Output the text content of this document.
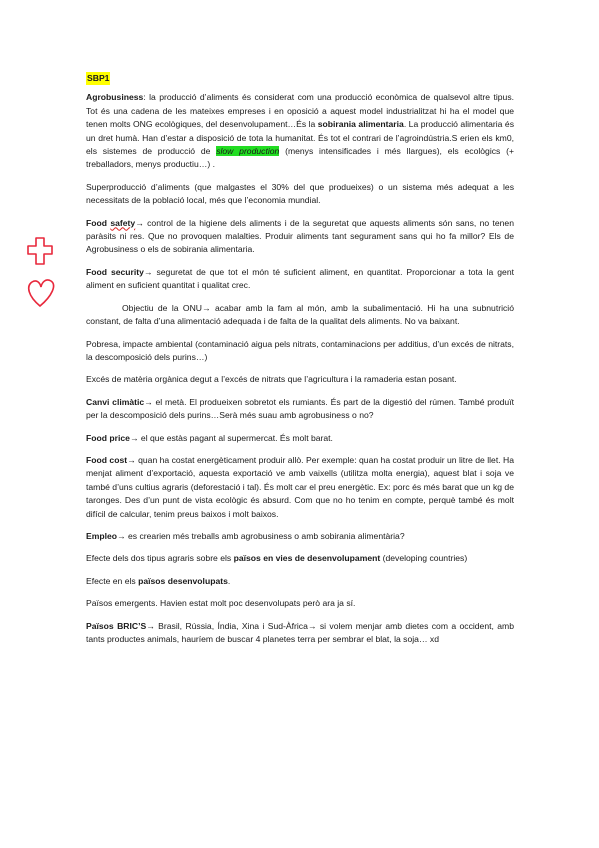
SBP1

Agrobusiness: la producció d’aliments és considerat com una producció econòmica de qualsevol altre tipus. Tot és una cadena de les mateixes empreses i en oposició a aquest model industrialitzat hi ha el model que tenen molts ONG ecològiques, del desenvolupament…És la sobirania alimentaria. La producció alimentaria és un dret humà. Han d’estar a disposició de tota la humanitat. És tot el contrari de l’agroindústria.S erien els km0, els sistemes de producció de slow production (menys intensificades i més llargues), els ecològics (+ treballadors, menys productiu…) .

Superproducció d’aliments (que malgastes el 30% del que produeixes) o un sistema més adequat a les necessitats de la població local, més que l’economia mundial.

Food safety→ control de la higiene dels aliments i de la seguretat que aquests aliments són sans, no tenen paràsits ni res. Que no provoquen malalties. Produir aliments tant segurament sans qui ho fa millor? Els de Agrobusiness o els de sobirania alimentaria.

Food security→ seguretat de que tot el món té suficient aliment, en quantitat. Proporcionar a tota la gent aliment en suficient quantitat i qualitat crec.

Objectiu de la ONU→ acabar amb la fam al món, amb la subalimentació. Hi ha una subnutrició constant, de falta d’una alimentació adequada i de falta de la qualitat dels aliments. No va baixant.

Pobresa, impacte ambiental (contaminació aigua pels nitrats, contaminacions per additius, d’un excés de nitrats, la descomposició dels purins…)

Excés de matèria orgànica degut a l’excés de nitrats que l’agricultura i la ramaderia estan posant.

Canvi climàtic→ el metà. El produeixen sobretot els rumiants. És part de la digestió del rúmen. També produït per la descomposició dels purins…Serà més suau amb agrobusiness o no?

Food price→ el que estàs pagant al supermercat. És molt barat.

Food cost→ quan ha costat energèticament produir allò. Per exemple: quan ha costat produir un litre de llet. Ha menjat aliment d’exportació, aquesta exportació ve amb vaixells (utilitza molta energia), aquest blat i soja ve també d’uns cultius agraris (deforestació i tal). És molt car el preu energètic. Ex: porc és més barat que un kg de taronges. Des d’un punt de vista ecològic és absurd. Com que no ho tenim en compte, perquè també és molt difícil de calcular, tenim preus baixos i molt baixos.

Empleo→ es crearien més treballs amb agrobusiness o amb sobirania alimentària?

Efecte dels dos tipus agraris sobre els països en vies de desenvolupament (developing countries)

Efecte en els països desenvolupats.

Països emergents. Havien estat molt poc desenvolupats però ara ja sí.

Països BRIC’S→ Brasil, Rússia, Índia, Xina i Sud-Àfrica→ si volem menjar amb dietes com a occident, amb tants productes animals, hauríem de buscar 4 planetes terra per sembrar el blat, la soja… xd
